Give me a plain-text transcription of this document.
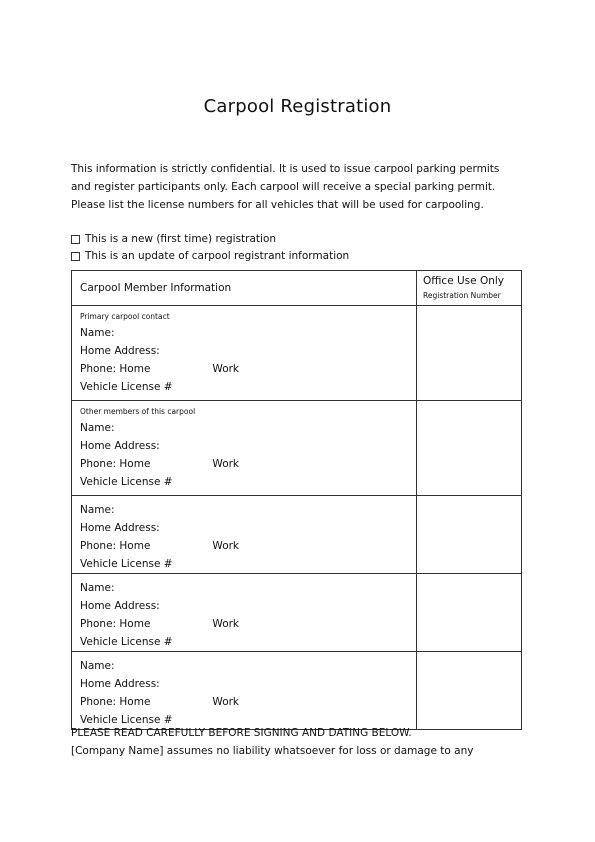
Carpool Registration
This information is strictly confidential. It is used to issue carpool parking permits
and register participants only. Each carpool will receive a special parking permit.
Please list the license numbers for all vehicles that will be used for carpooling.
This is a new (first time) registration
This is an update of carpool registrant information
Carpool Member Information	Office Use Only
Registration Number

Primary carpool contact
Name:
Home Address:
Phone: Home Work
Vehicle License #	

Other members of this carpool
Name:
Home Address:
Phone: Home Work
Vehicle License #	

Name:
Home Address:
Phone: Home Work
Vehicle License #	

Name:
Home Address:
Phone: Home Work
Vehicle License #	

Name:
Home Address:
Phone: Home Work
Vehicle License #	

PLEASE READ CAREFULLY BEFORE SIGNING AND DATING BELOW.
[Company Name] assumes no liability whatsoever for loss or damage to any
